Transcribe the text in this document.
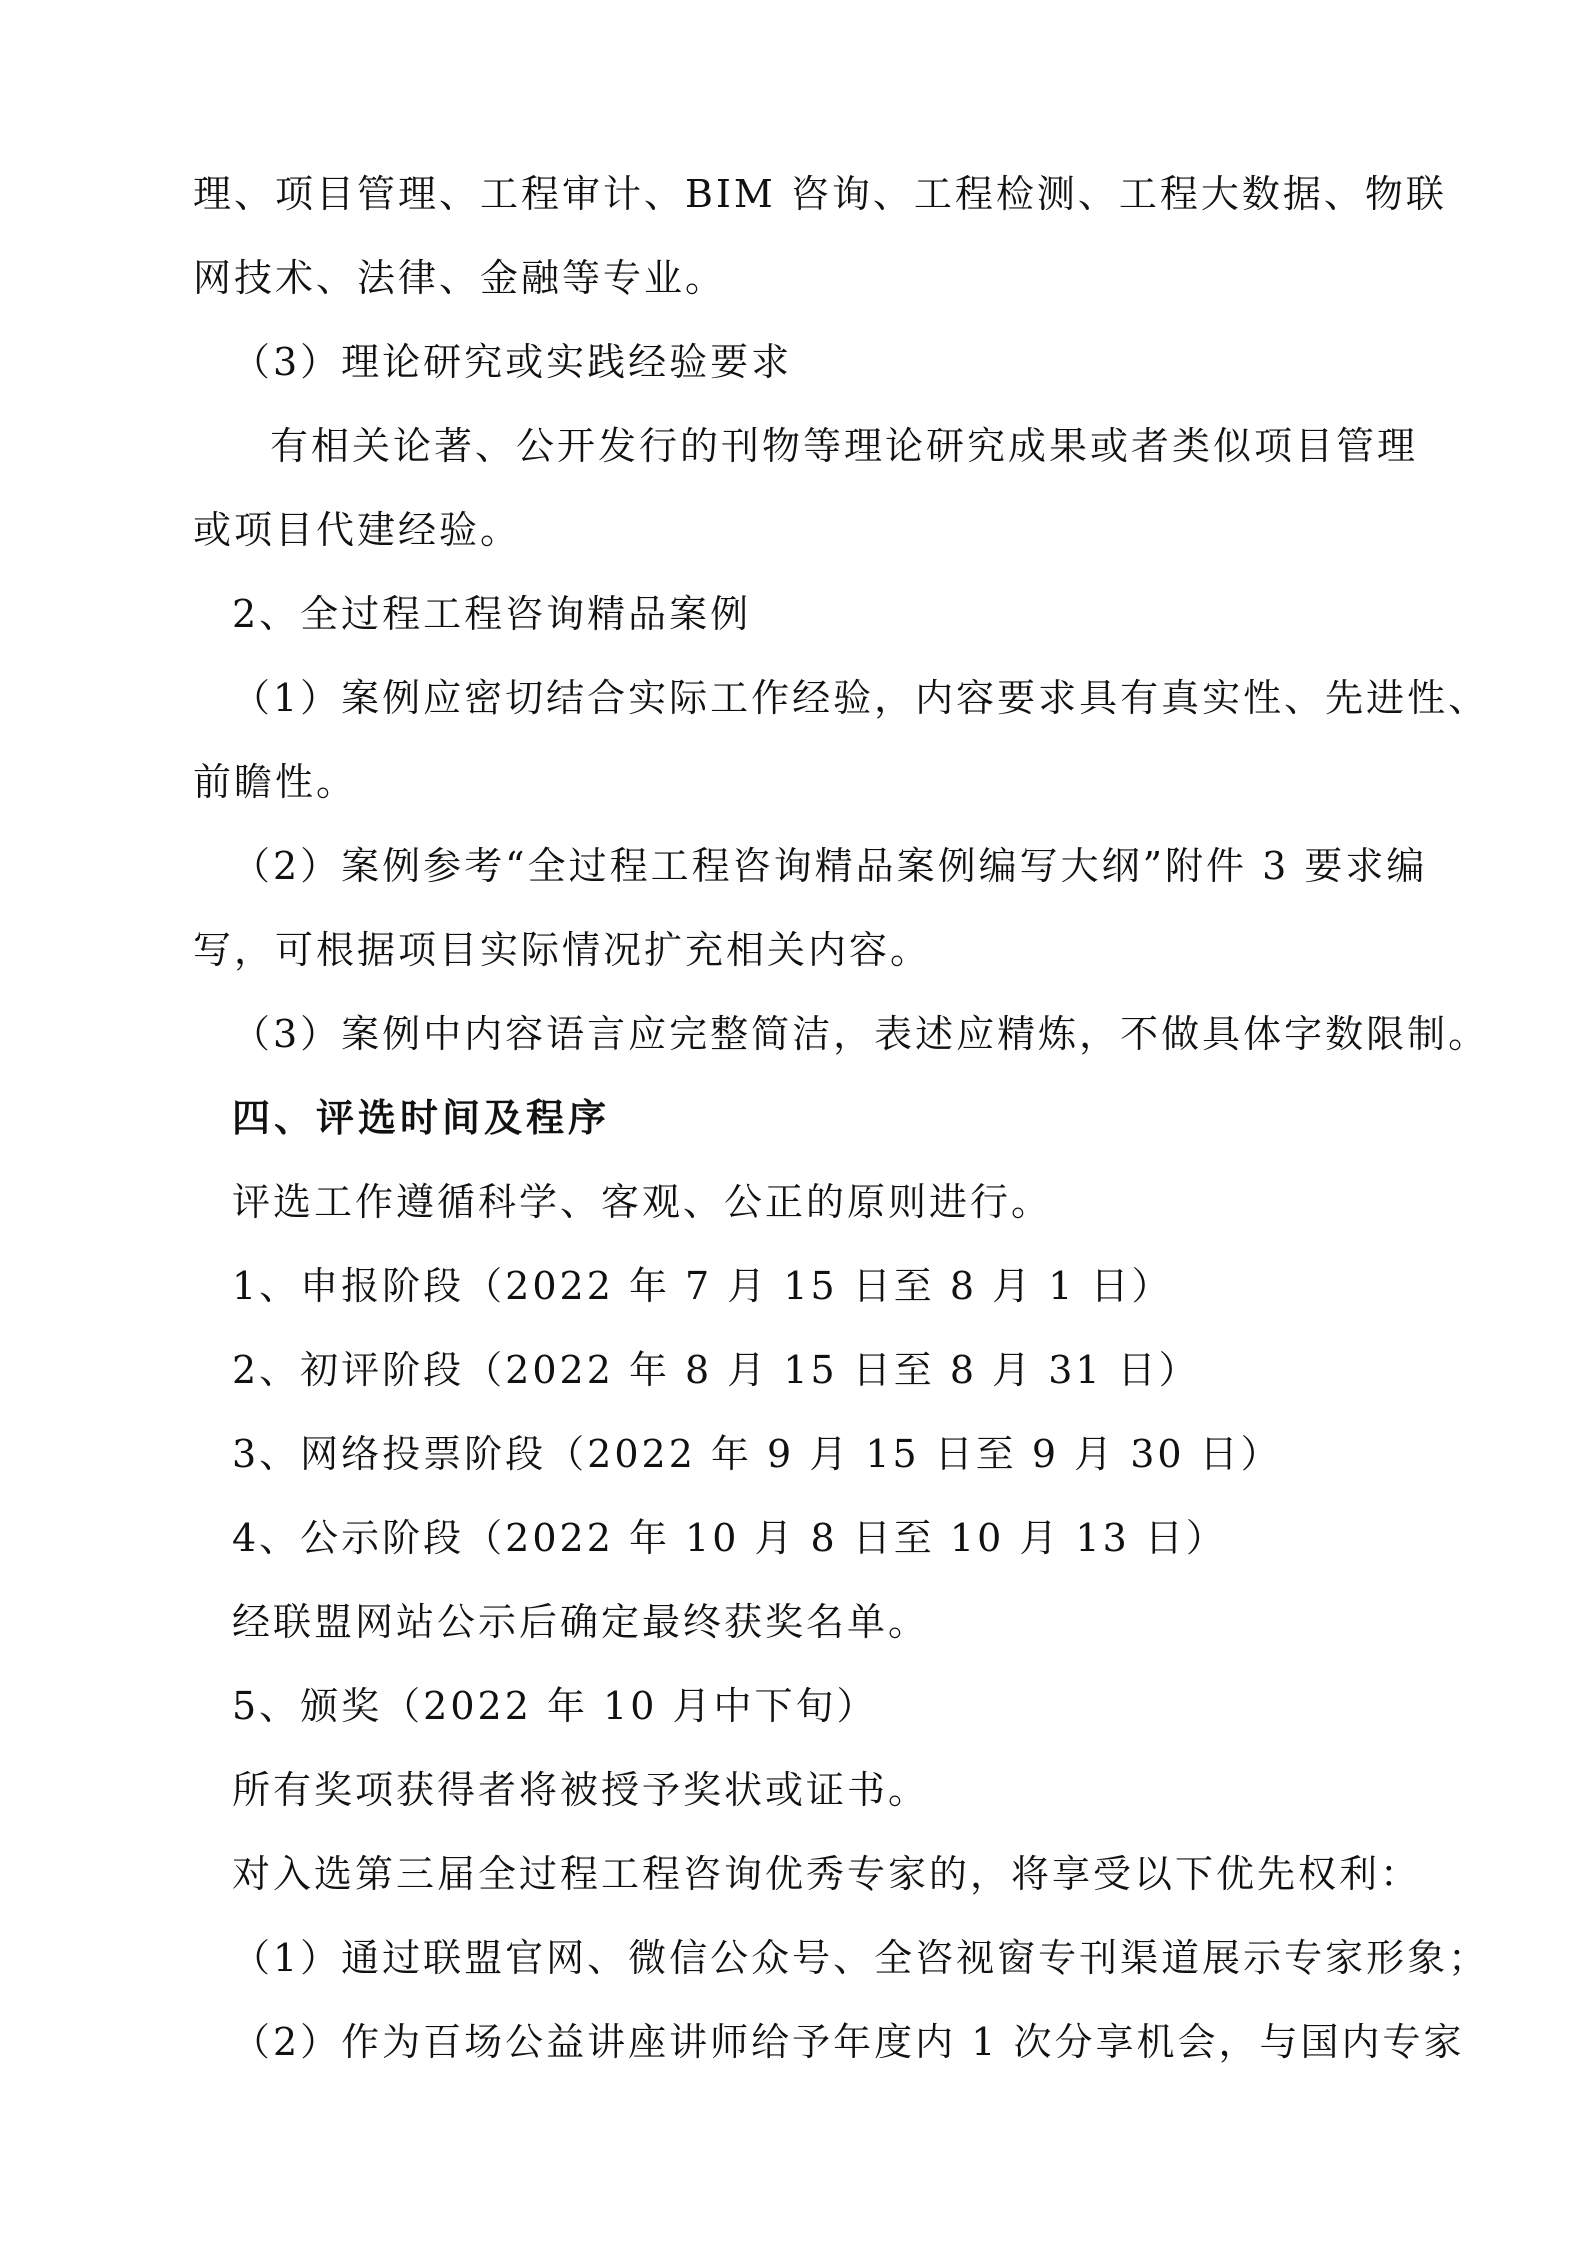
理、项目管理、工程审计、BIM 咨询、工程检测、工程大数据、物联
网技术、法律、金融等专业。
（3）理论研究或实践经验要求
有相关论著、公开发行的刊物等理论研究成果或者类似项目管理
或项目代建经验。
2、全过程工程咨询精品案例
（1）案例应密切结合实际工作经验，内容要求具有真实性、先进性、
前瞻性。
（2）案例参考“全过程工程咨询精品案例编写大纲”附件 3 要求编
写，可根据项目实际情况扩充相关内容。
（3）案例中内容语言应完整简洁，表述应精炼，不做具体字数限制。
四、评选时间及程序
评选工作遵循科学、客观、公正的原则进行。
1、申报阶段（2022 年 7 月 15 日至 8 月 1 日）
2、初评阶段（2022 年 8 月 15 日至 8 月 31 日）
3、网络投票阶段（2022 年 9 月 15 日至 9 月 30 日）
4、公示阶段（2022 年 10 月 8 日至 10 月 13 日）
经联盟网站公示后确定最终获奖名单。
5、颁奖（2022 年 10 月中下旬）
所有奖项获得者将被授予奖状或证书。
对入选第三届全过程工程咨询优秀专家的，将享受以下优先权利：
（1）通过联盟官网、微信公众号、全咨视窗专刊渠道展示专家形象；
（2）作为百场公益讲座讲师给予年度内 1 次分享机会，与国内专家
